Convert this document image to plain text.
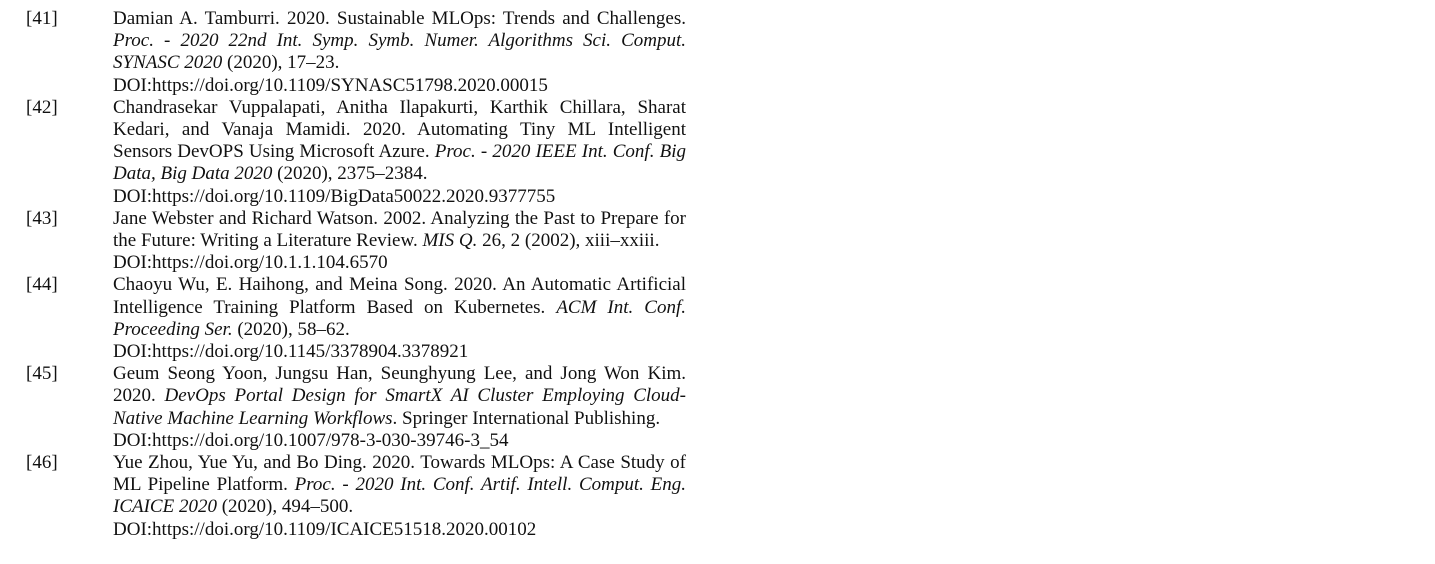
[41]	Damian A. Tamburri. 2020. Sustainable MLOps: Trends and Challenges. Proc. - 2020 22nd Int. Symp. Symb. Numer. Algorithms Sci. Comput. SYNASC 2020 (2020), 17–23.
DOI:https://doi.org/10.1109/SYNASC51798.2020.00015
[42]	Chandrasekar Vuppalapati, Anitha Ilapakurti, Karthik Chillara, Sharat Kedari, and Vanaja Mamidi. 2020. Automating Tiny ML Intelligent Sensors DevOPS Using Microsoft Azure. Proc. - 2020 IEEE Int. Conf. Big Data, Big Data 2020 (2020), 2375–2384.
DOI:https://doi.org/10.1109/BigData50022.2020.9377755
[43]	Jane Webster and Richard Watson. 2002. Analyzing the Past to Prepare for the Future: Writing a Literature Review. MIS Q. 26, 2 (2002), xiii–xxiii.
DOI:https://doi.org/10.1.1.104.6570
[44]	Chaoyu Wu, E. Haihong, and Meina Song. 2020. An Automatic Artificial Intelligence Training Platform Based on Kubernetes. ACM Int. Conf. Proceeding Ser. (2020), 58–62.
DOI:https://doi.org/10.1145/3378904.3378921
[45]	Geum Seong Yoon, Jungsu Han, Seunghyung Lee, and Jong Won Kim. 2020. DevOps Portal Design for SmartX AI Cluster Employing Cloud-Native Machine Learning Workflows. Springer International Publishing.
DOI:https://doi.org/10.1007/978-3-030-39746-3_54
[46]	Yue Zhou, Yue Yu, and Bo Ding. 2020. Towards MLOps: A Case Study of ML Pipeline Platform. Proc. - 2020 Int. Conf. Artif. Intell. Comput. Eng. ICAICE 2020 (2020), 494–500.
DOI:https://doi.org/10.1109/ICAICE51518.2020.00102
